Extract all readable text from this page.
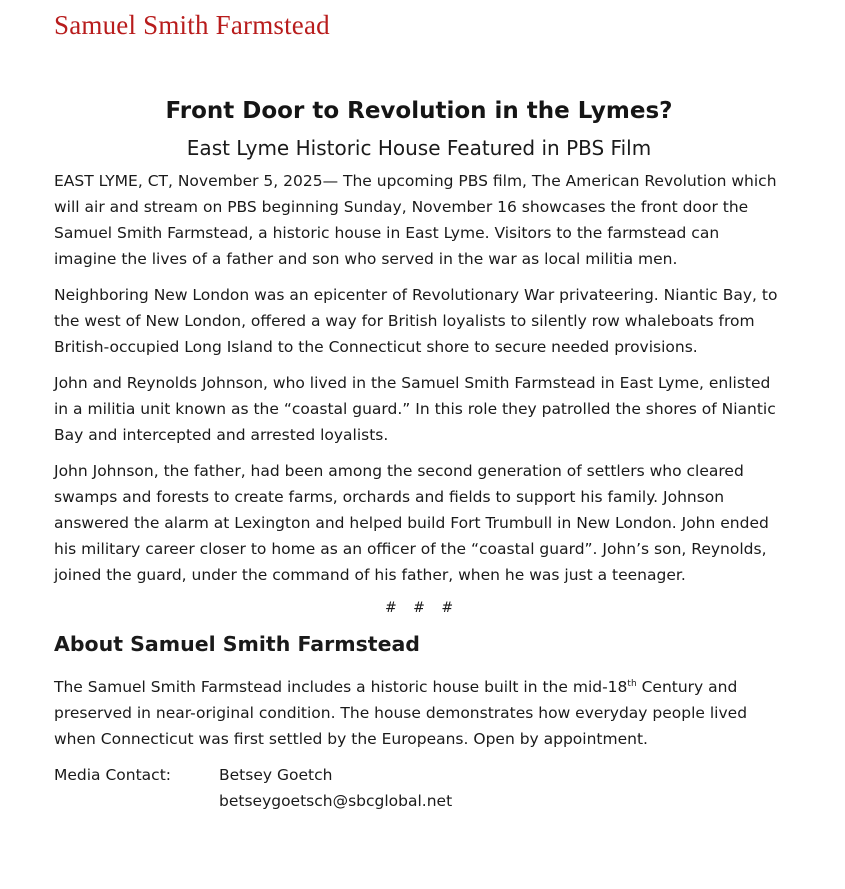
Samuel Smith Farmstead
Front Door to Revolution in the Lymes?
East Lyme Historic House Featured in PBS Film

EAST LYME, CT, November 5, 2025— The upcoming PBS film, The American Revolution which will air and stream on PBS beginning Sunday, November 16 showcases the front door the Samuel Smith Farmstead, a historic house in East Lyme. Visitors to the farmstead can imagine the lives of a father and son who served in the war as local militia men.

Neighboring New London was an epicenter of Revolutionary War privateering. Niantic Bay, to the west of New London, offered a way for British loyalists to silently row whaleboats from British-occupied Long Island to the Connecticut shore to secure needed provisions.

John and Reynolds Johnson, who lived in the Samuel Smith Farmstead in East Lyme, enlisted in a militia unit known as the “coastal guard.” In this role they patrolled the shores of Niantic Bay and intercepted and arrested loyalists.

John Johnson, the father, had been among the second generation of settlers who cleared swamps and forests to create farms, orchards and fields to support his family. Johnson answered the alarm at Lexington and helped build Fort Trumbull in New London. John ended his military career closer to home as an officer of the “coastal guard”. John’s son, Reynolds, joined the guard, under the command of his father, when he was just a teenager.

# # #
About Samuel Smith Farmstead

The Samuel Smith Farmstead includes a historic house built in the mid-18th Century and preserved in near-original condition. The house demonstrates how everyday people lived when Connecticut was first settled by the Europeans. Open by appointment.

Media Contact:	Betsey Goetch
betseygoetsch@sbcglobal.net
